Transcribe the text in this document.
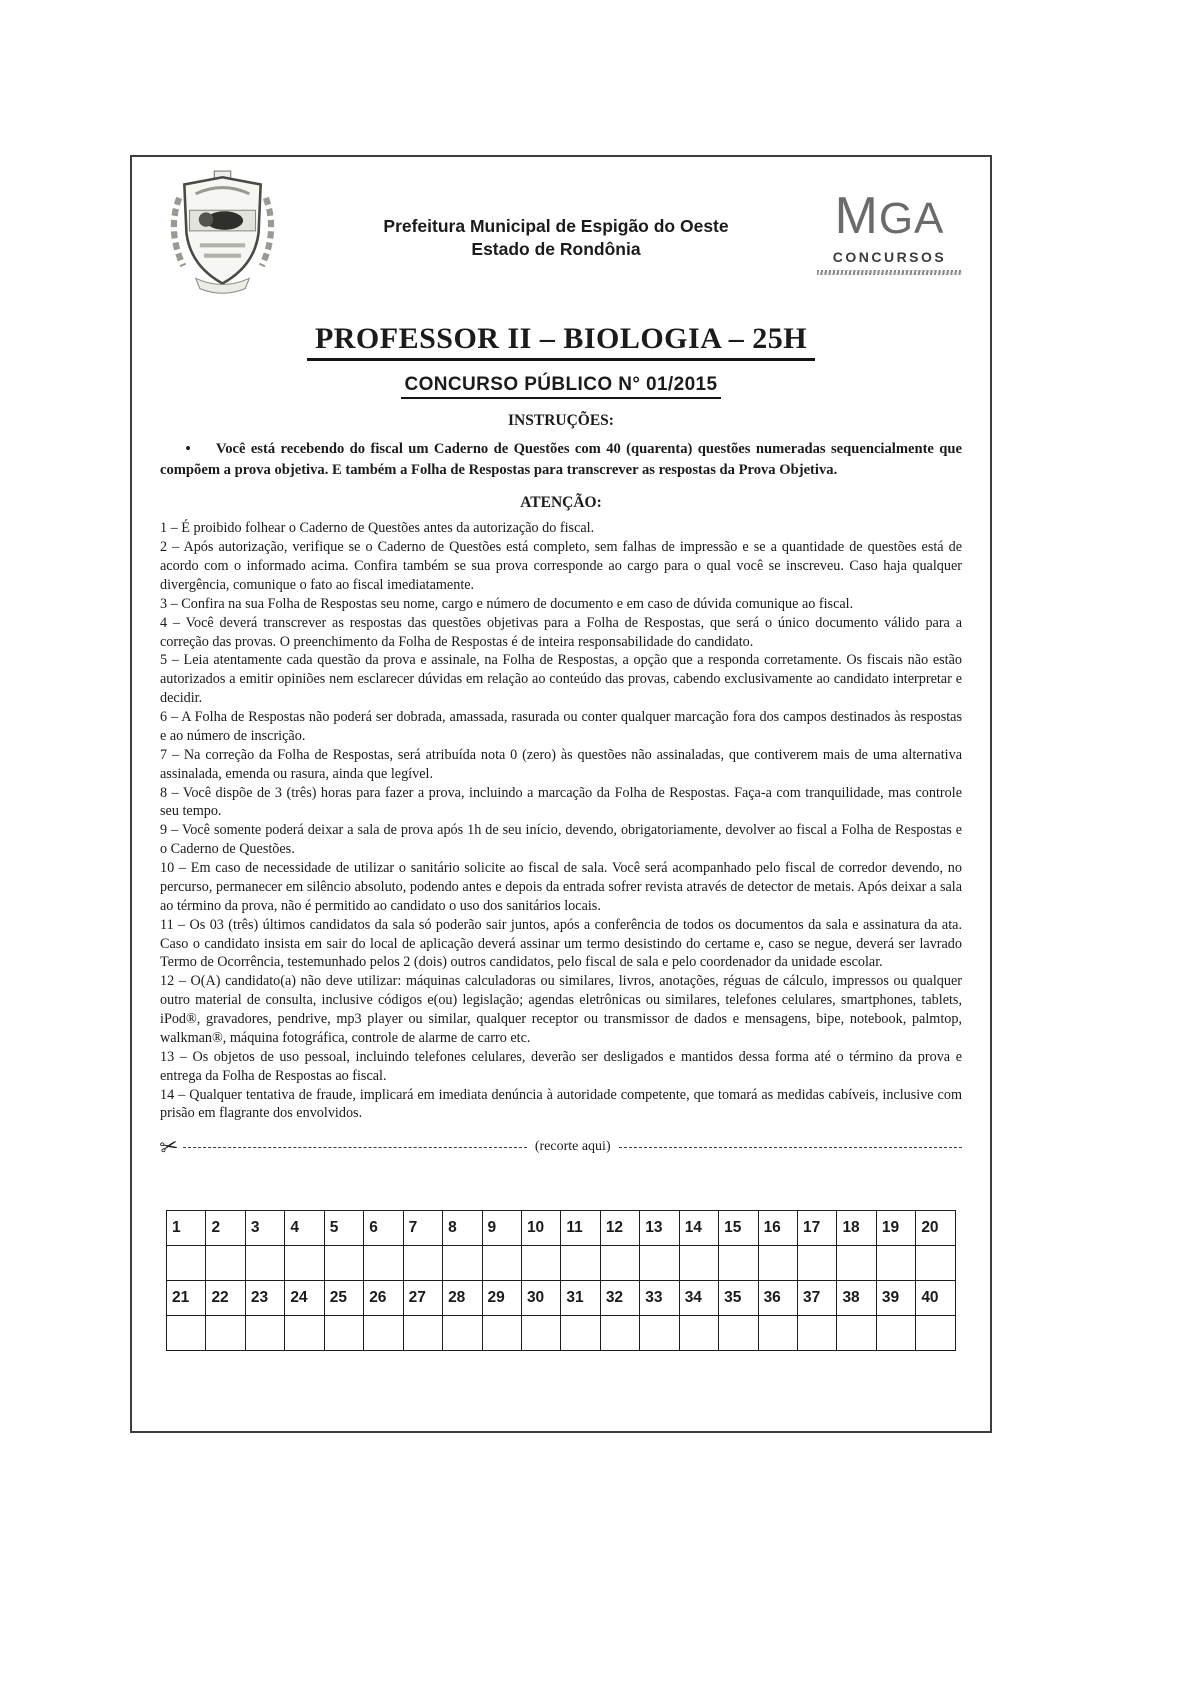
Prefeitura Municipal de Espigão do Oeste
Estado de Rondônia
MGA
CONCURSOS
PROFESSOR II – BIOLOGIA – 25H
CONCURSO PÚBLICO N° 01/2015
INSTRUÇÕES:

• Você está recebendo do fiscal um Caderno de Questões com 40 (quarenta) questões numeradas sequencialmente que compõem a prova objetiva. E também a Folha de Respostas para transcrever as respostas da Prova Objetiva.

ATENÇÃO:

1 – É proibido folhear o Caderno de Questões antes da autorização do fiscal.

2 – Após autorização, verifique se o Caderno de Questões está completo, sem falhas de impressão e se a quantidade de questões está de acordo com o informado acima. Confira também se sua prova corresponde ao cargo para o qual você se inscreveu. Caso haja qualquer divergência, comunique o fato ao fiscal imediatamente.

3 – Confira na sua Folha de Respostas seu nome, cargo e número de documento e em caso de dúvida comunique ao fiscal.

4 – Você deverá transcrever as respostas das questões objetivas para a Folha de Respostas, que será o único documento válido para a correção das provas. O preenchimento da Folha de Respostas é de inteira responsabilidade do candidato.

5 – Leia atentamente cada questão da prova e assinale, na Folha de Respostas, a opção que a responda corretamente. Os fiscais não estão autorizados a emitir opiniões nem esclarecer dúvidas em relação ao conteúdo das provas, cabendo exclusivamente ao candidato interpretar e decidir.

6 – A Folha de Respostas não poderá ser dobrada, amassada, rasurada ou conter qualquer marcação fora dos campos destinados às respostas e ao número de inscrição.

7 – Na correção da Folha de Respostas, será atribuída nota 0 (zero) às questões não assinaladas, que contiverem mais de uma alternativa assinalada, emenda ou rasura, ainda que legível.

8 – Você dispõe de 3 (três) horas para fazer a prova, incluindo a marcação da Folha de Respostas. Faça-a com tranquilidade, mas controle seu tempo.

9 – Você somente poderá deixar a sala de prova após 1h de seu início, devendo, obrigatoriamente, devolver ao fiscal a Folha de Respostas e o Caderno de Questões.

10 – Em caso de necessidade de utilizar o sanitário solicite ao fiscal de sala. Você será acompanhado pelo fiscal de corredor devendo, no percurso, permanecer em silêncio absoluto, podendo antes e depois da entrada sofrer revista através de detector de metais. Após deixar a sala ao término da prova, não é permitido ao candidato o uso dos sanitários locais.

11 – Os 03 (três) últimos candidatos da sala só poderão sair juntos, após a conferência de todos os documentos da sala e assinatura da ata. Caso o candidato insista em sair do local de aplicação deverá assinar um termo desistindo do certame e, caso se negue, deverá ser lavrado Termo de Ocorrência, testemunhado pelos 2 (dois) outros candidatos, pelo fiscal de sala e pelo coordenador da unidade escolar.

12 – O(A) candidato(a) não deve utilizar: máquinas calculadoras ou similares, livros, anotações, réguas de cálculo, impressos ou qualquer outro material de consulta, inclusive códigos e(ou) legislação; agendas eletrônicas ou similares, telefones celulares, smartphones, tablets, iPod®, gravadores, pendrive, mp3 player ou similar, qualquer receptor ou transmissor de dados e mensagens, bipe, notebook, palmtop, walkman®, máquina fotográfica, controle de alarme de carro etc.

13 – Os objetos de uso pessoal, incluindo telefones celulares, deverão ser desligados e mantidos dessa forma até o término da prova e entrega da Folha de Respostas ao fiscal.

14 – Qualquer tentativa de fraude, implicará em imediata denúncia à autoridade competente, que tomará as medidas cabíveis, inclusive com prisão em flagrante dos envolvidos.

✂	(recorte aqui)
1	2	3	4	5	6	7	8	9	10	11	12	13	14	15	16	17	18	19	20

21	22	23	24	25	26	27	28	29	30	31	32	33	34	35	36	37	38	39	40
